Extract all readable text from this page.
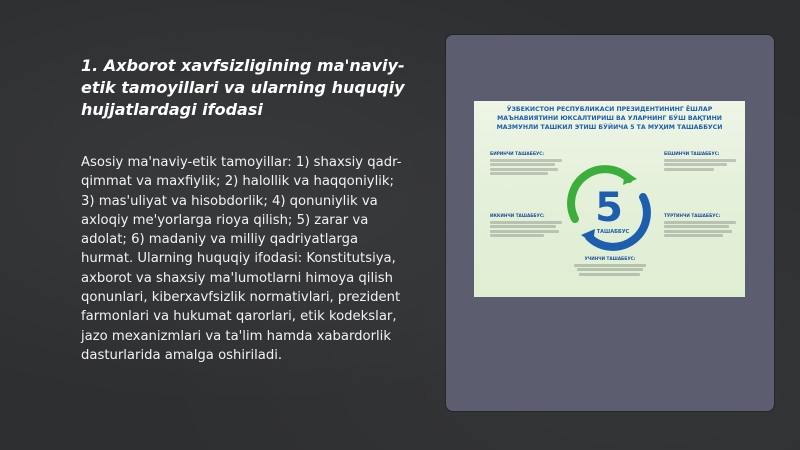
1. Axborot xavfsizligining ma'naviy-etik tamoyillari va ularning huquqiy hujjatlardagi ifodasi

Asosiy ma'naviy-etik tamoyillar: 1) shaxsiy qadr-qimmat va maxfiylik; 2) halollik va haqqoniylik; 3) mas'uliyat va hisobdorlik; 4) qonuniylik va axloqiy me'yorlarga rioya qilish; 5) zarar va adolat; 6) madaniy va milliy qadriyatlarga hurmat. Ularning huquqiy ifodasi: Konstitutsiya, axborot va shaxsiy ma'lumotlarni himoya qilish qonunlari, kiberxavfsizlik normativlari, prezident farmonlari va hukumat qarorlari, etik kodekslar, jazo mexanizmlari va ta'lim hamda xabardorlik dasturlarida amalga oshiriladi.

ЎЗБЕКИСТОН РЕСПУБЛИКАСИ ПРЕЗИДЕНТИНИНГ ЁШЛАР МАЪНАВИЯТИНИ ЮКСАЛТИРИШ ВА УЛАРНИНГ БЎШ ВАҚТИНИ МАЗМУНЛИ ТАШКИЛ ЭТИШ БЎЙИЧА 5 ТА МУҲИМ ТАШАББУСИ
БИРИНЧИ ТАШАББУС:	БЕШИНЧИ ТАШАББУС:
ИККИНЧИ ТАШАББУС:	ТЎРТИНЧИ ТАШАББУС:
УЧИНЧИ ТАШАББУС:
5
ТАШАББУС
